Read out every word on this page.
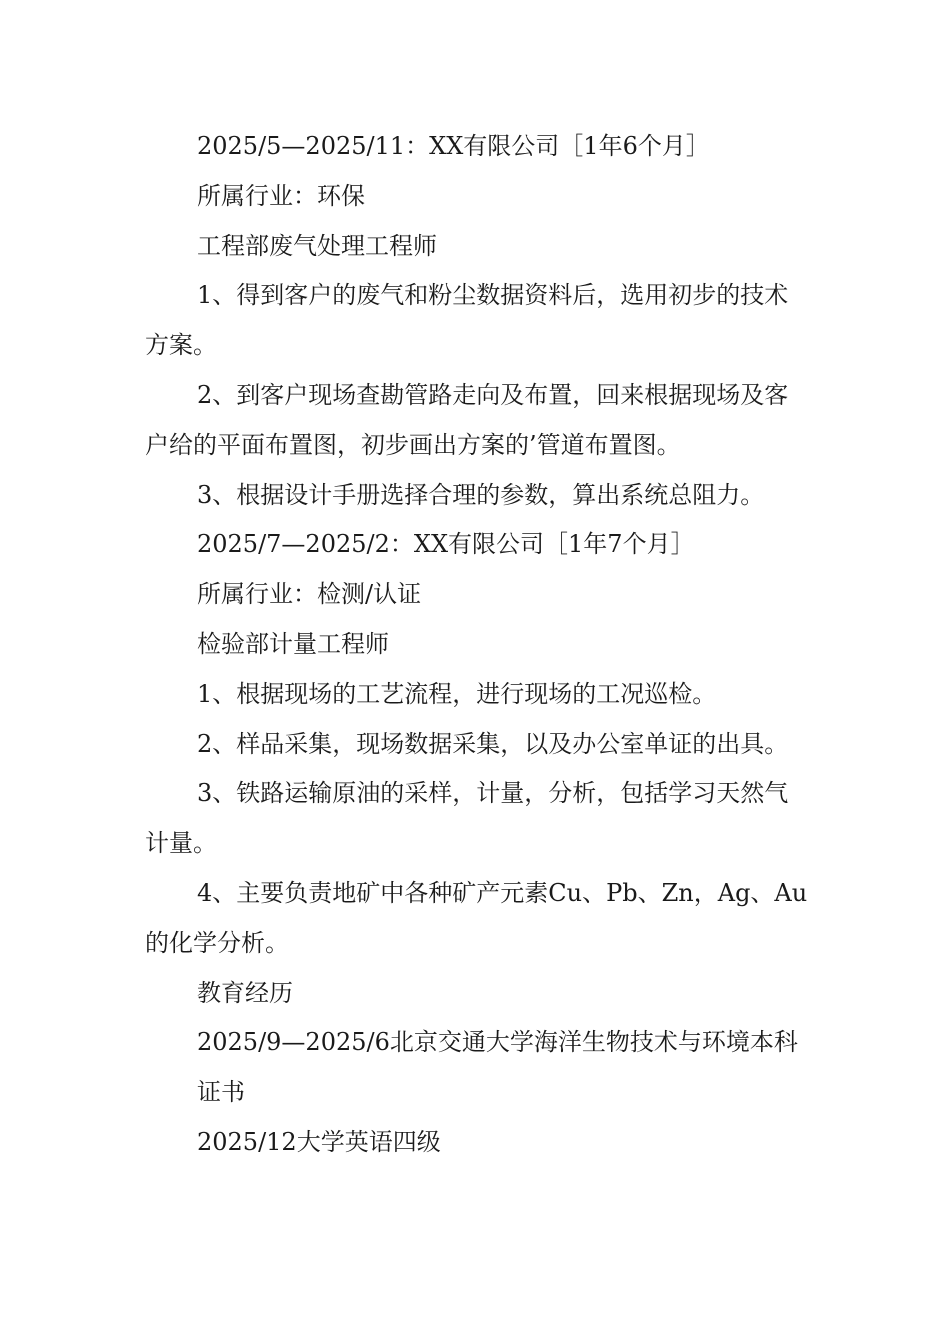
2025/5—2025/11：XX有限公司［1年6个月］

所属行业：环保

工程部废气处理工程师

1、得到客户的废气和粉尘数据资料后，选用初步的技术方案。

2、到客户现场查勘管路走向及布置，回来根据现场及客户给的平面布置图，初步画出方案的’管道布置图。

3、根据设计手册选择合理的参数，算出系统总阻力。

2025/7—2025/2：XX有限公司［1年7个月］

所属行业：检测/认证

检验部计量工程师

1、根据现场的工艺流程，进行现场的工况巡检。

2、样品采集，现场数据采集，以及办公室单证的出具。

3、铁路运输原油的采样，计量，分析，包括学习天然气计量。

4、主要负责地矿中各种矿产元素Cu、Pb、Zn，Ag、Au的化学分析。

教育经历

2025/9—2025/6北京交通大学海洋生物技术与环境本科

证书

2025/12大学英语四级
